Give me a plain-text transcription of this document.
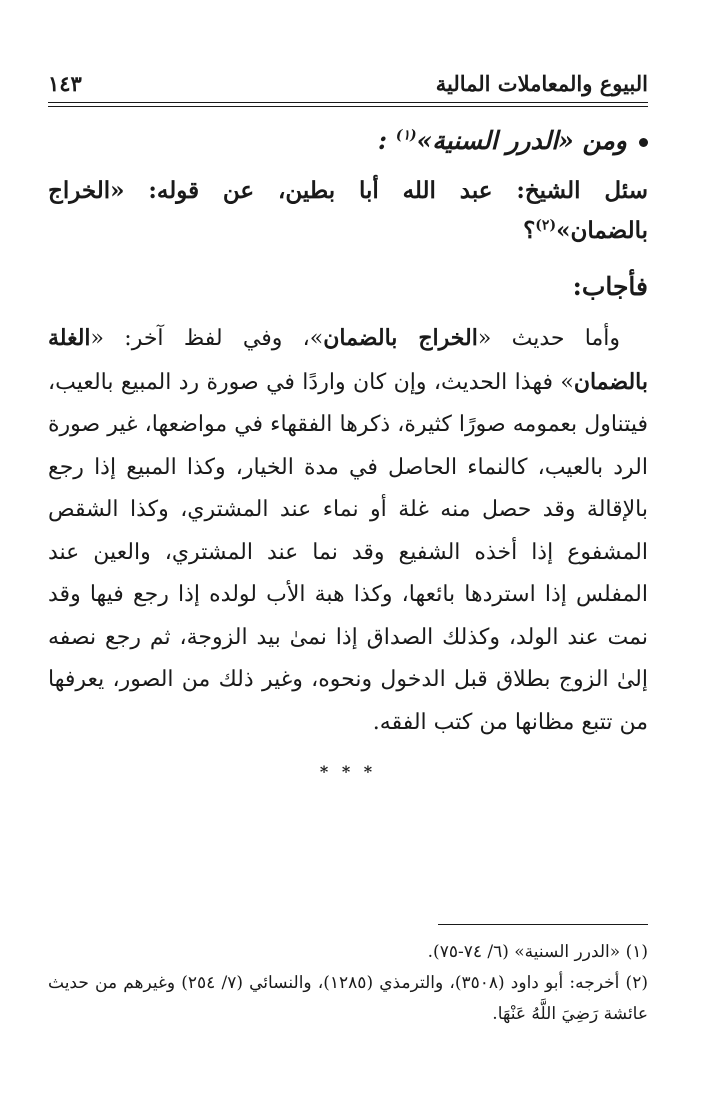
البيوع والمعاملات المالية
١٤٣
ومن «الدرر السنية»$^{(١)}$ :
سئل الشيخ: عبد الله أبا بطين، عن قوله: «الخراج بالضمان»$^{(٢)}$؟
فأجاب:

وأما حديث «الخراج بالضمان»، وفي لفظ آخر: «الغلة بالضمان» فهذا الحديث، وإن كان واردًا في صورة رد المبيع بالعيب، فيتناول بعمومه صورًا كثيرة، ذكرها الفقهاء في مواضعها، غير صورة الرد بالعيب، كالنماء الحاصل في مدة الخيار، وكذا المبيع إذا رجع بالإقالة وقد حصل منه غلة أو نماء عند المشتري، وكذا الشقص المشفوع إذا أخذه الشفيع وقد نما عند المشتري، والعين عند المفلس إذا استردها بائعها، وكذا هبة الأب لولده إذا رجع فيها وقد نمت عند الولد، وكذلك الصداق إذا نمىٰ بيد الزوجة، ثم رجع نصفه إلىٰ الزوج بطلاق قبل الدخول ونحوه، وغير ذلك من الصور، يعرفها من تتبع مظانها من كتب الفقه.

* * *
(١) «الدرر السنية» (٦/ ٧٤-٧٥).
(٢) أخرجه: أبو داود (٣٥٠٨)، والترمذي (١٢٨٥)، والنسائي (٧/ ٢٥٤) وغيرهم من حديث عائشة رَضِيَ اللَّهُ عَنْهَا.
